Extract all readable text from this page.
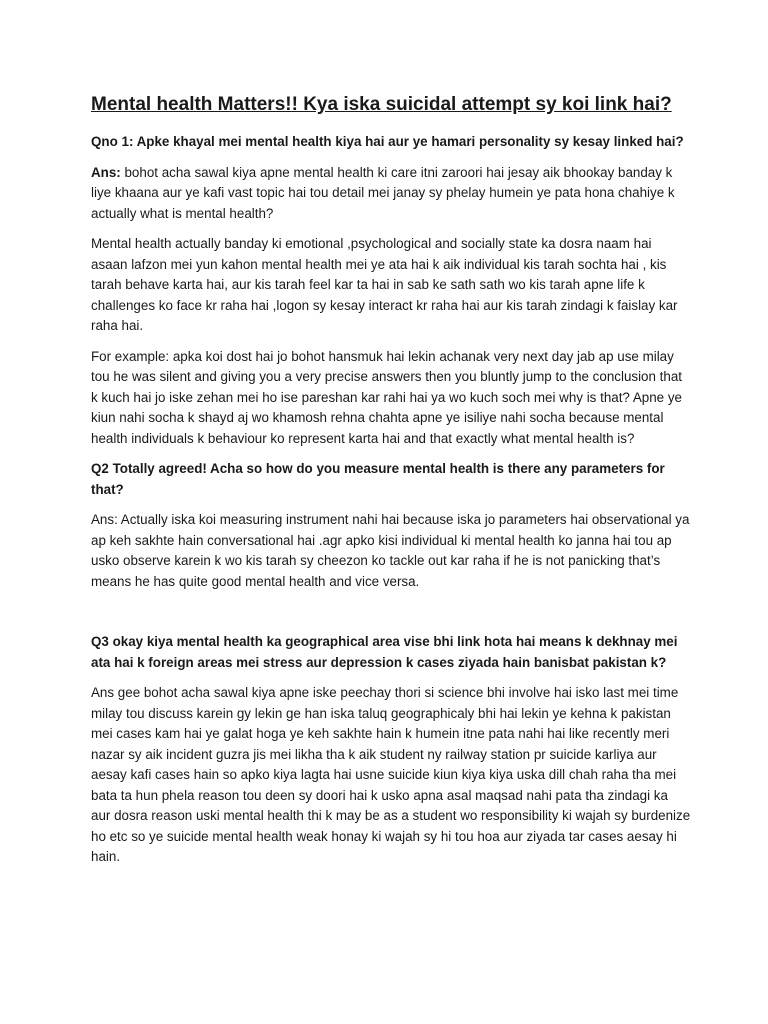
Mental health Matters!! Kya iska suicidal attempt sy koi link hai?
Qno 1: Apke khayal mei mental health kiya hai aur ye hamari personality sy kesay linked hai?
Ans: bohot acha sawal kiya apne mental health ki care itni zaroori hai jesay aik bhookay banday k liye khaana aur ye kafi vast topic hai tou detail mei janay sy phelay humein ye pata hona chahiye k actually what is mental health?
Mental health actually banday ki emotional ,psychological and socially state ka dosra naam hai asaan lafzon mei yun kahon mental health mei ye ata hai k aik individual kis tarah sochta hai , kis tarah behave karta hai, aur kis tarah feel kar ta hai in sab ke sath sath wo kis tarah apne life k challenges ko face kr raha hai ,logon sy kesay interact kr raha hai aur kis tarah zindagi k faislay kar raha hai.
For example: apka koi dost hai jo bohot hansmuk hai lekin achanak very next day jab ap use milay tou he was silent and giving you a very precise answers then you bluntly jump to the conclusion that k kuch hai jo iske zehan mei ho ise pareshan kar rahi hai ya wo kuch soch mei why is that? Apne ye kiun nahi socha k shayd aj wo khamosh rehna chahta apne ye isiliye nahi socha because mental health individuals k behaviour ko represent karta hai and that exactly what mental health is?
Q2 Totally agreed! Acha so how do you measure mental health is there any parameters for that?
Ans: Actually iska koi measuring instrument nahi hai because iska jo parameters hai observational ya ap keh sakhte hain conversational hai .agr apko kisi individual ki mental health ko janna hai tou ap usko observe karein k wo kis tarah sy cheezon ko tackle out kar raha if he is not panicking that’s means he has quite good mental health and vice versa.
Q3 okay kiya mental health ka geographical area vise bhi link hota hai means k dekhnay mei ata hai k foreign areas mei stress aur depression k cases ziyada hain banisbat pakistan k?
Ans gee bohot acha sawal kiya apne iske peechay thori si science bhi involve hai isko last mei time milay tou discuss karein gy lekin ge han iska taluq geographicaly bhi hai lekin ye kehna k pakistan mei cases kam hai ye galat hoga ye keh sakhte hain k humein itne pata nahi hai like recently meri nazar sy aik incident guzra jis mei likha tha k aik student ny railway station pr suicide karliya aur aesay kafi cases hain so apko kiya lagta hai usne suicide kiun kiya kiya uska dill chah raha tha mei bata ta hun phela reason tou deen sy doori hai k usko apna asal maqsad nahi pata tha zindagi ka aur dosra reason uski mental health thi k may be as a student wo responsibility ki wajah sy burdenize ho etc so ye suicide mental health weak honay ki wajah sy hi tou hoa aur ziyada tar cases aesay hi hain.
